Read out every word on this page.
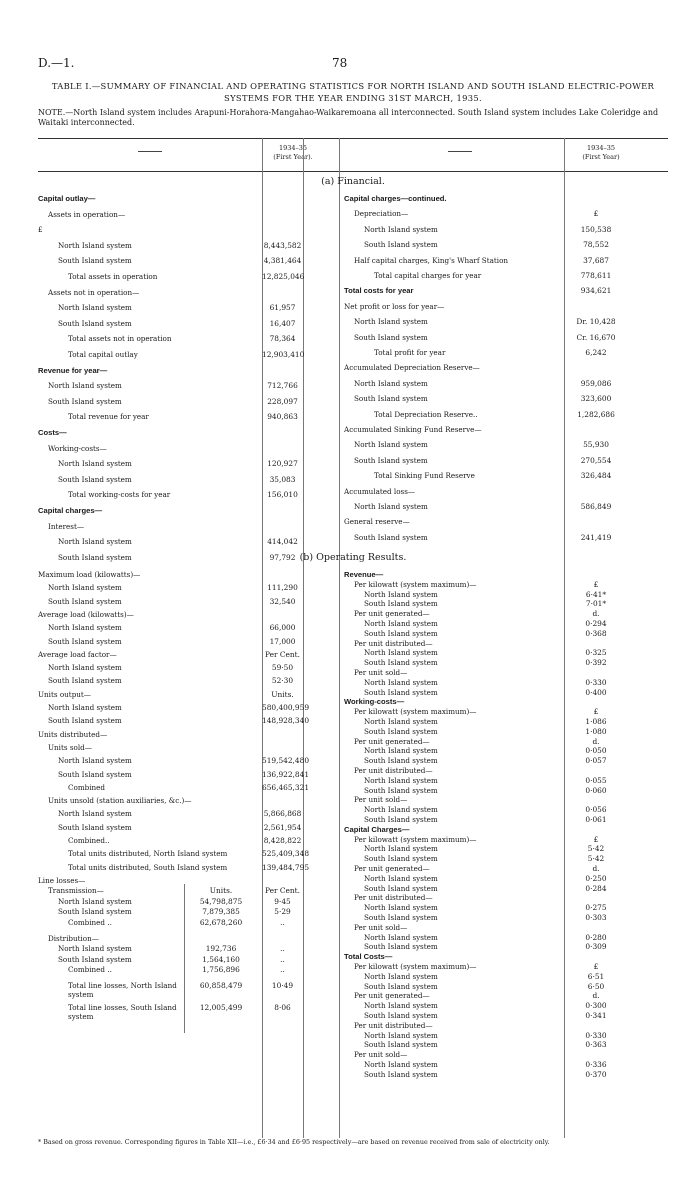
D.—1.	78
TABLE I.—SUMMARY OF FINANCIAL AND OPERATING STATISTICS FOR NORTH ISLAND AND SOUTH ISLAND ELECTRIC-POWER SYSTEMS FOR THE YEAR ENDING 31ST MARCH, 1935.
NOTE.—North Island system includes Arapuni-Horahora-Mangahao-Waikaremoana all interconnected. South Island system includes Lake Coleridge and Waitaki interconnected.
1934–35
(First Year).
1934–35
(First Year)
(a) Financial.
(b) Operating Results.
Capital outlay—
Assets in operation—
£
North Island system	8,443,582
South Island system	4,381,464
Total assets in operation	12,825,046
Assets not in operation—
North Island system	61,957
South Island system	16,407
Total assets not in operation	78,364
Total capital outlay	12,903,410
Revenue for year—
North Island system	712,766
South Island system	228,097
Total revenue for year	940,863
Costs—
Working-costs—
North Island system	120,927
South Island system	35,083
Total working-costs for year	156,010
Capital charges—
Interest—
North Island system	414,042
South Island system	97,792
Capital charges—continued.
Depreciation—	£
North Island system	150,538
South Island system	78,552
Half capital charges, King's Wharf Station	37,687
Total capital charges for year	778,611
Total costs for year	934,621
Net profit or loss for year—
North Island system	Dr. 10,428
South Island system	Cr. 16,670
Total profit for year	6,242
Accumulated Depreciation Reserve—
North Island system	959,086
South Island system	323,600
Total Depreciation Reserve..	1,282,686
Accumulated Sinking Fund Reserve—
North Island system	55,930
South Island system	270,554
Total Sinking Fund Reserve	326,484
Accumulated loss—
North Island system	586,849
General reserve—
South Island system	241,419
Maximum load (kilowatts)—
North Island system	111,290
South Island system	32,540
Average load (kilowatts)—
North Island system	66,000
South Island system	17,000
Average load factor—	Per Cent.
North Island system	59·50
South Island system	52·30
Units output—	Units.
North Island system	580,400,959
South Island system	148,928,340
Units distributed—
Units sold—
North Island system	519,542,480
South Island system	136,922,841
Combined	656,465,321
Units unsold (station auxiliaries, &c.)—
North Island system	5,866,868
South Island system	2,561,954
Combined..	8,428,822
Total units distributed, North Island system	525,409,348
Total units distributed, South Island system	139,484,795
Line losses—
Units.	Per Cent.
Transmission—
North Island system	54,798,875	9·45
South Island system	7,879,385	5·29
Combined ..	62,678,260	..
Distribution—
North Island system	192,736	..
South Island system	1,564,160	..
Combined ..	1,756,896	..
Total line losses, North Island system
60,858,479	10·49
Total line losses, South Island system
12,005,499	8·06
Revenue—
Per kilowatt (system maximum)—	£
North Island system	6·41*
South Island system	7·01*
Per unit generated—	d.
North Island system	0·294
South Island system	0·368
Per unit distributed—
North Island system	0·325
South Island system	0·392
Per unit sold—
North Island system	0·330
South Island system	0·400
Working-costs—
Per kilowatt (system maximum)—	£
North Island system	1·086
South Island system	1·080
Per unit generated—	d.
North Island system	0·050
South Island system	0·057
Per unit distributed—
North Island system	0·055
South Island system	0·060
Per unit sold—
North Island system	0·056
South Island system	0·061
Capital Charges—
Per kilowatt (system maximum)—	£
North Island system	5·42
South Island system	5·42
Per unit generated—	d.
North Island system	0·250
South Island system	0·284
Per unit distributed—
North Island system	0·275
South Island system	0·303
Per unit sold—
North Island system	0·280
South Island system	0·309
Total Costs—
Per kilowatt (system maximum)—	£
North Island system	6·51
South Island system	6·50
Per unit generated—	d.
North Island system	0·300
South Island system	0·341
Per unit distributed—
North Island system	0·330
South Island system	0·363
Per unit sold—
North Island system	0·336
South Island system	0·370
* Based on gross revenue. Corresponding figures in Table XII—i.e., £6·34 and £6·95 respectively—are based on revenue received from sale of electricity only.
